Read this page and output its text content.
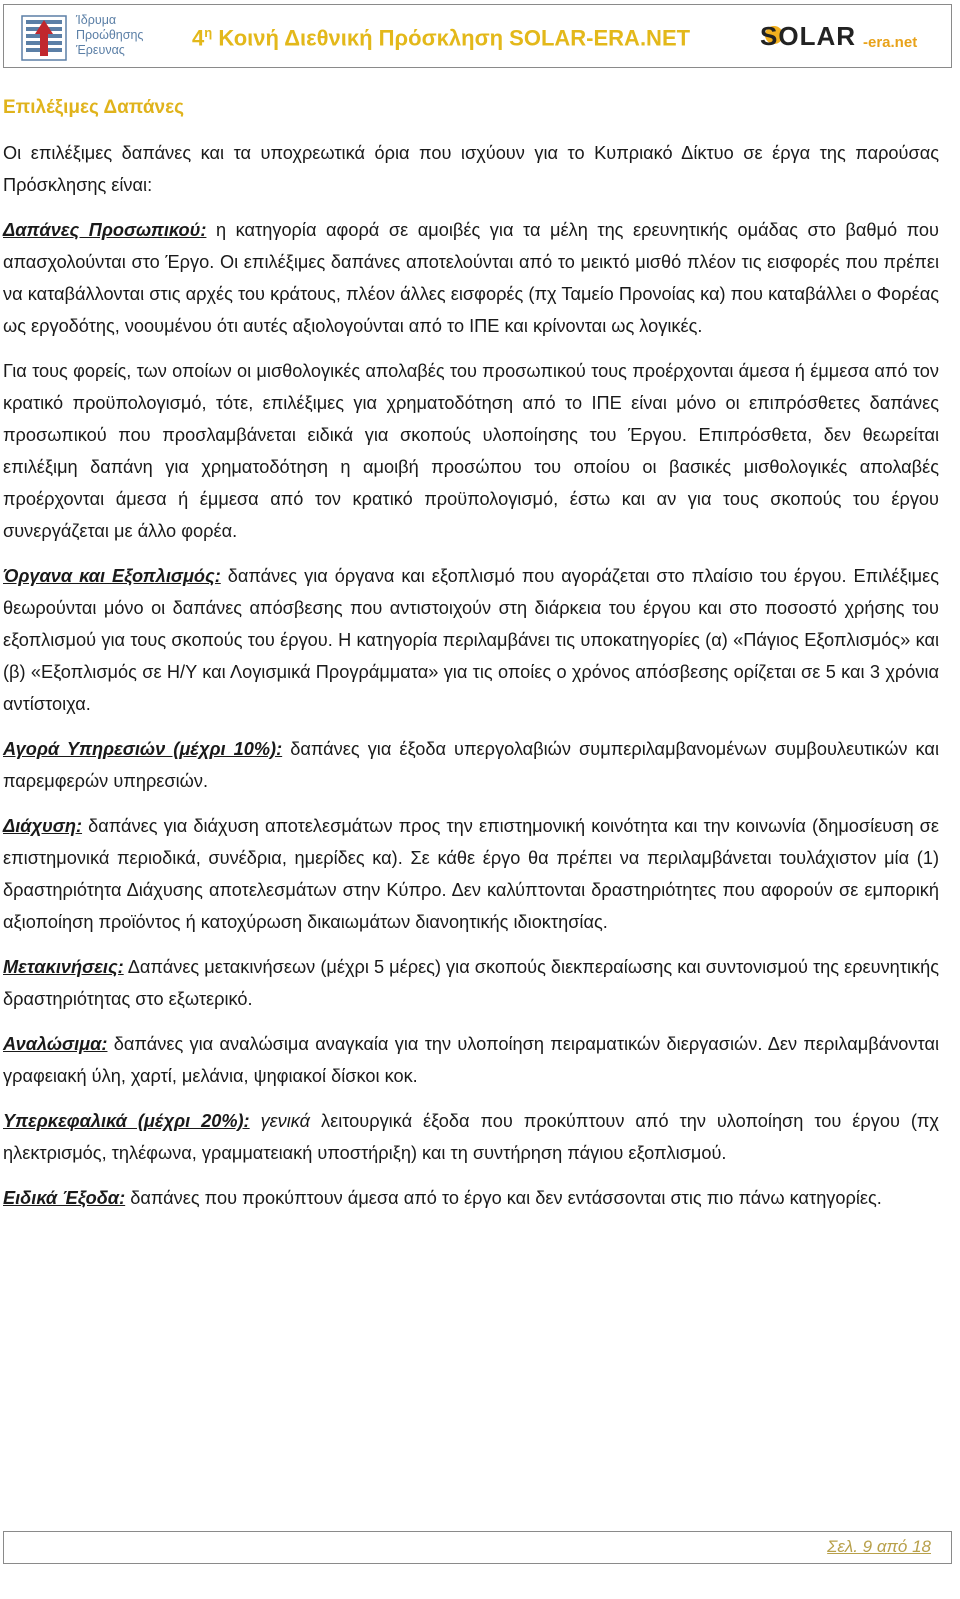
Ίδρυμα
Προώθησης
Έρευνας	$4^\eta$ Κοινή Διεθνική Πρόσκληση SOLAR-ERA.NET	SOLAR -era.net
Επιλέξιμες Δαπάνες

Οι επιλέξιμες δαπάνες και τα υποχρεωτικά όρια που ισχύουν για το Κυπριακό Δίκτυο σε έργα της παρούσας Πρόσκλησης είναι:

Δαπάνες Προσωπικού: η κατηγορία αφορά σε αμοιβές για τα μέλη της ερευνητικής ομάδας στο βαθμό που απασχολούνται στο Έργο. Οι επιλέξιμες δαπάνες αποτελούνται από το μεικτό μισθό πλέον τις εισφορές που πρέπει να καταβάλλονται στις αρχές του κράτους, πλέον άλλες εισφορές (πχ Ταμείο Προνοίας κα) που καταβάλλει ο Φορέας ως εργοδότης, νοουμένου ότι αυτές αξιολογούνται από το ΙΠΕ και κρίνονται ως λογικές.

Για τους φορείς, των οποίων οι μισθολογικές απολαβές του προσωπικού τους προέρχονται άμεσα ή έμμεσα από τον κρατικό προϋπολογισμό, τότε, επιλέξιμες για χρηματοδότηση από το ΙΠΕ είναι μόνο οι επιπρόσθετες δαπάνες προσωπικού που προσλαμβάνεται ειδικά για σκοπούς υλοποίησης του Έργου. Επιπρόσθετα, δεν θεωρείται επιλέξιμη δαπάνη για χρηματοδότηση η αμοιβή προσώπου του οποίου οι βασικές μισθολογικές απολαβές προέρχονται άμεσα ή έμμεσα από τον κρατικό προϋπολογισμό, έστω και αν για τους σκοπούς του έργου συνεργάζεται με άλλο φορέα.

Όργανα και Εξοπλισμός: δαπάνες για όργανα και εξοπλισμό που αγοράζεται στο πλαίσιο του έργου. Επιλέξιμες θεωρούνται μόνο οι δαπάνες απόσβεσης που αντιστοιχούν στη διάρκεια του έργου και στο ποσοστό χρήσης του εξοπλισμού για τους σκοπούς του έργου. Η κατηγορία περιλαμβάνει τις υποκατηγορίες (α) «Πάγιος Εξοπλισμός» και (β) «Εξοπλισμός σε Η/Υ και Λογισμικά Προγράμματα» για τις οποίες ο χρόνος απόσβεσης ορίζεται σε 5 και 3 χρόνια αντίστοιχα.

Αγορά Υπηρεσιών (μέχρι 10%): δαπάνες για έξοδα υπεργολαβιών συμπεριλαμβανομένων συμβουλευτικών και παρεμφερών υπηρεσιών.

Διάχυση: δαπάνες για διάχυση αποτελεσμάτων προς την επιστημονική κοινότητα και την κοινωνία (δημοσίευση σε επιστημονικά περιοδικά, συνέδρια, ημερίδες κα). Σε κάθε έργο θα πρέπει να περιλαμβάνεται τουλάχιστον μία (1) δραστηριότητα Διάχυσης αποτελεσμάτων στην Κύπρο. Δεν καλύπτονται δραστηριότητες που αφορούν σε εμπορική αξιοποίηση προϊόντος ή κατοχύρωση δικαιωμάτων διανοητικής ιδιοκτησίας.

Μετακινήσεις: Δαπάνες μετακινήσεων (μέχρι 5 μέρες) για σκοπούς διεκπεραίωσης και συντονισμού της ερευνητικής δραστηριότητας στο εξωτερικό.

Αναλώσιμα: δαπάνες για αναλώσιμα αναγκαία για την υλοποίηση πειραματικών διεργασιών. Δεν περιλαμβάνονται γραφειακή ύλη, χαρτί, μελάνια, ψηφιακοί δίσκοι κοκ.

Υπερκεφαλικά (μέχρι 20%): γενικά λειτουργικά έξοδα που προκύπτουν από την υλοποίηση του έργου (πχ ηλεκτρισμός, τηλέφωνα, γραμματειακή υποστήριξη) και τη συντήρηση πάγιου εξοπλισμού.

Ειδικά Έξοδα: δαπάνες που προκύπτουν άμεσα από το έργο και δεν εντάσσονται στις πιο πάνω κατηγορίες.

Σελ. 9 από 18
